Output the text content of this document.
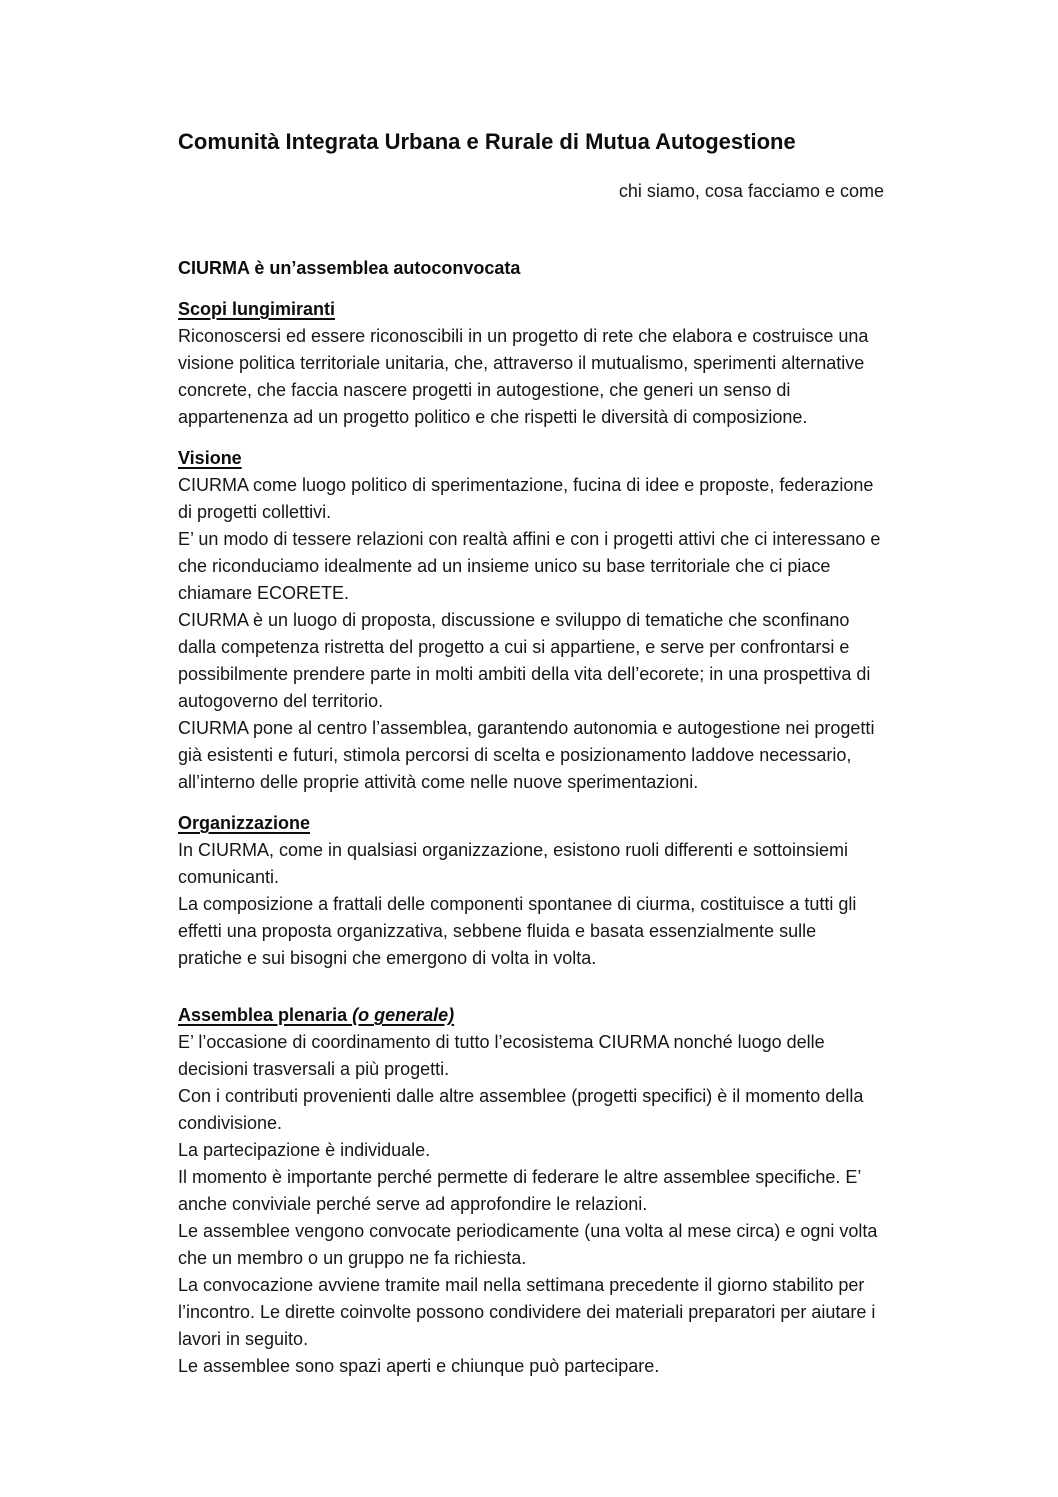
Comunità Integrata Urbana e Rurale di Mutua Autogestione

chi siamo, cosa facciamo e come

CIURMA è un’assemblea autoconvocata
Scopi lungimiranti

Riconoscersi ed essere riconoscibili in un progetto di rete che elabora e costruisce una visione politica territoriale unitaria, che, attraverso il mutualismo, sperimenti alternative concrete, che faccia nascere progetti in autogestione, che generi un senso di appartenenza ad un progetto politico e che rispetti le diversità di composizione.

Visione

CIURMA come luogo politico di sperimentazione, fucina di idee e proposte, federazione di progetti collettivi.

E’ un modo di tessere relazioni con realtà affini e con i progetti attivi che ci interessano e che riconduciamo idealmente ad un insieme unico su base territoriale che ci piace chiamare ECORETE.

CIURMA è un luogo di proposta, discussione e sviluppo di tematiche che sconfinano dalla competenza ristretta del progetto a cui si appartiene, e serve per confrontarsi e possibilmente prendere parte in molti ambiti della vita dell’ecorete; in una prospettiva di autogoverno del territorio.

CIURMA pone al centro l’assemblea, garantendo autonomia e autogestione nei progetti già esistenti e futuri, stimola percorsi di scelta e posizionamento laddove necessario, all’interno delle proprie attività come nelle nuove sperimentazioni.

Organizzazione

In CIURMA, come in qualsiasi organizzazione, esistono ruoli differenti e sottoinsiemi comunicanti.

La composizione a frattali delle componenti spontanee di ciurma, costituisce a tutti gli effetti una proposta organizzativa, sebbene fluida e basata essenzialmente sulle pratiche e sui bisogni che emergono di volta in volta.

Assemblea plenaria (o generale)

E’ l’occasione di coordinamento di tutto l’ecosistema CIURMA nonché luogo delle decisioni trasversali a più progetti.

Con i contributi provenienti dalle altre assemblee (progetti specifici) è il momento della condivisione.

La partecipazione è individuale.

Il momento è importante perché permette di federare le altre assemblee specifiche. E’ anche conviviale perché serve ad approfondire le relazioni.

Le assemblee vengono convocate periodicamente (una volta al mese circa) e ogni volta che un membro o un gruppo ne fa richiesta.

La convocazione avviene tramite mail nella settimana precedente il giorno stabilito per l’incontro. Le dirette coinvolte possono condividere dei materiali preparatori per aiutare i lavori in seguito.

Le assemblee sono spazi aperti e chiunque può partecipare.
